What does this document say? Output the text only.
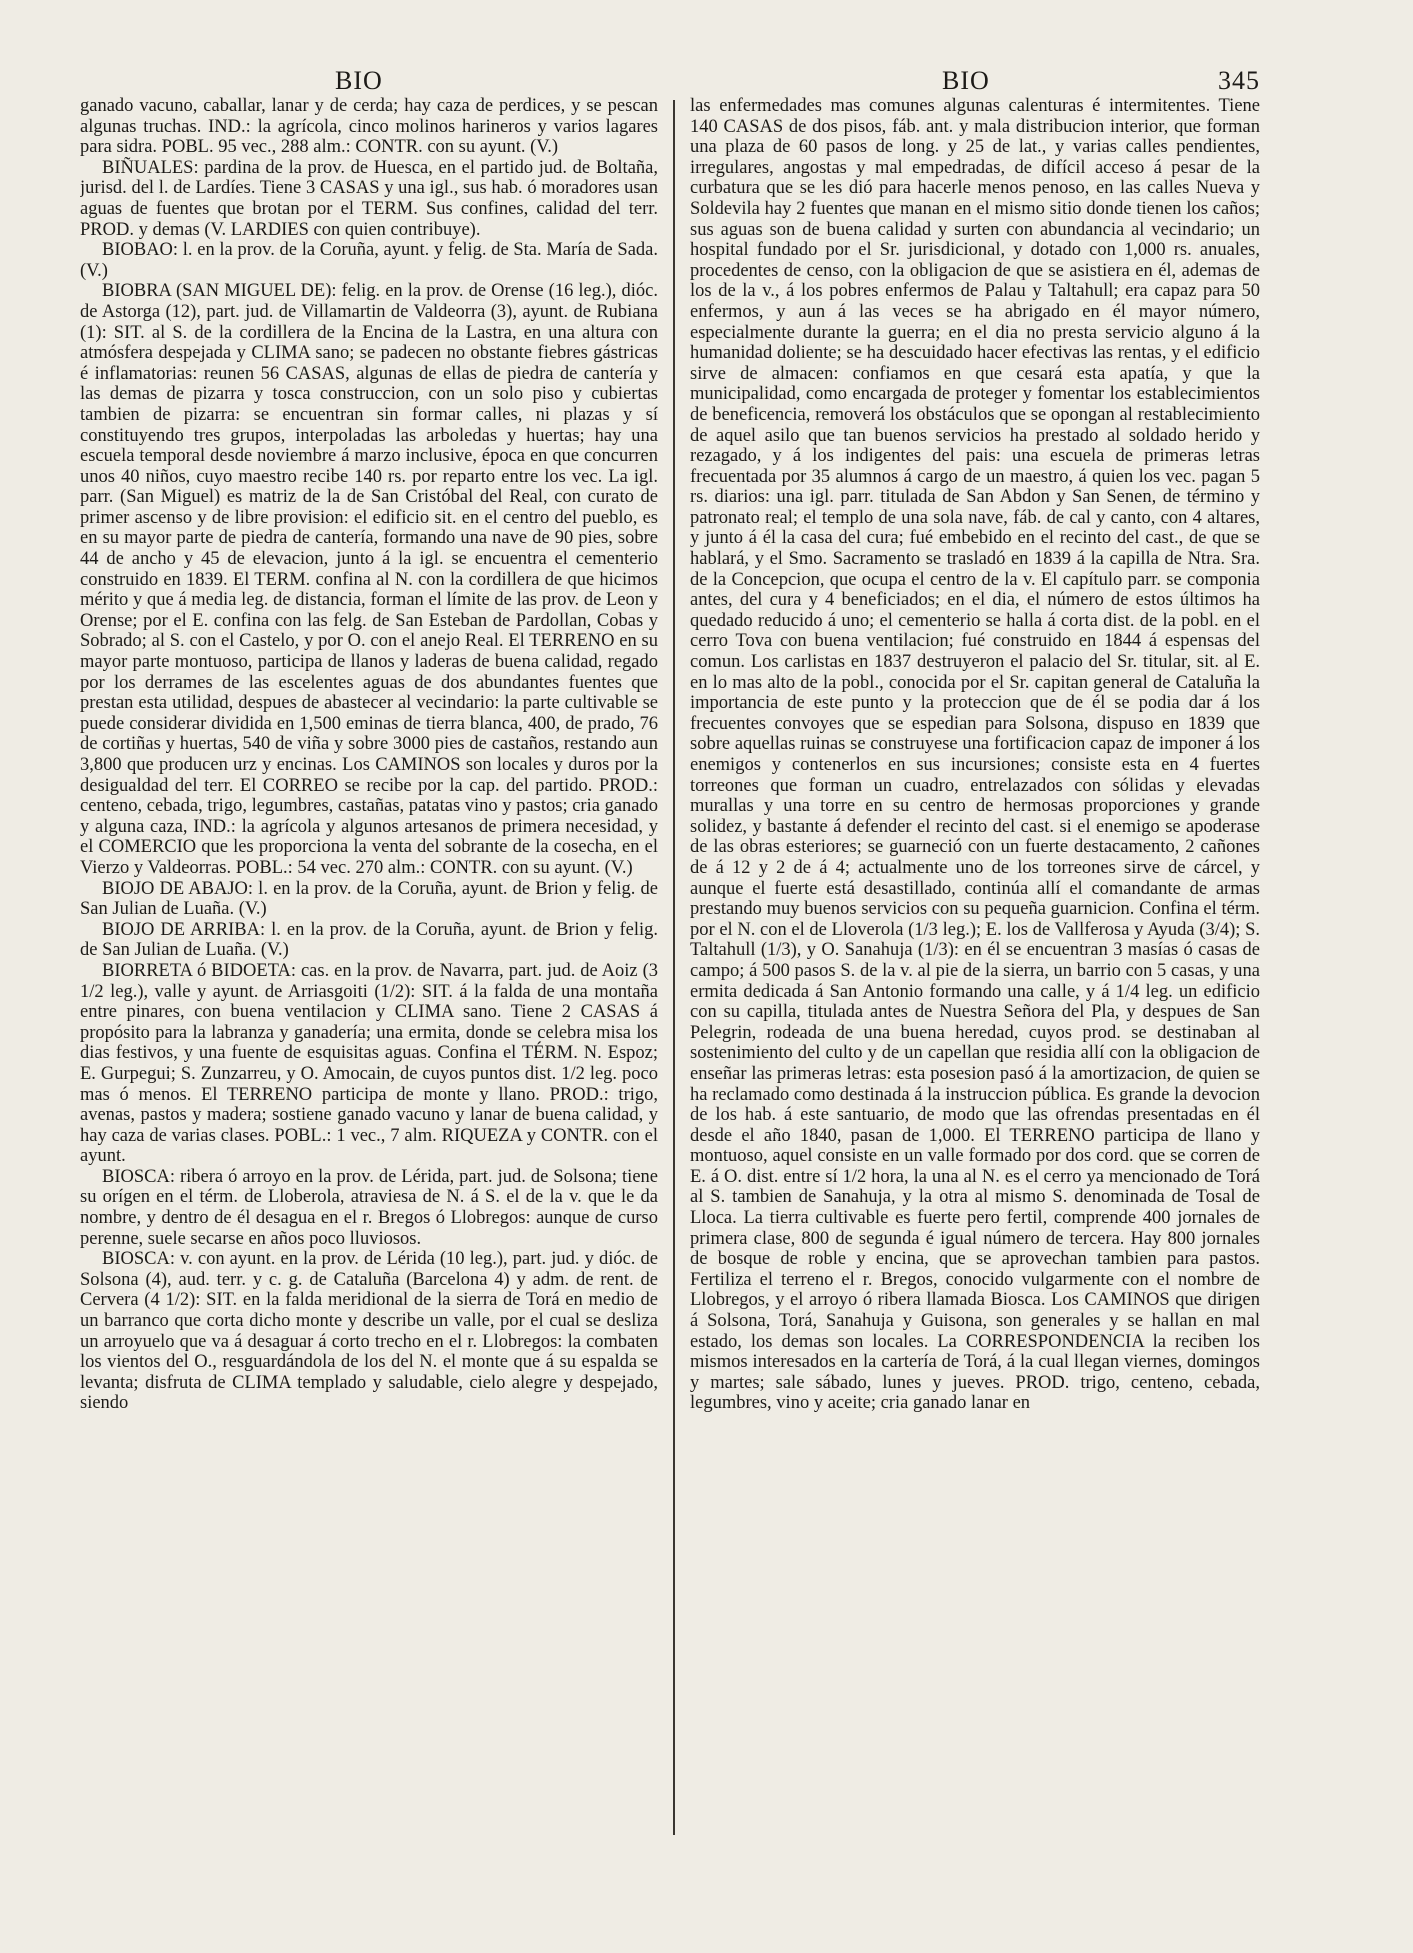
BIO	BIO	345

ganado vacuno, caballar, lanar y de cerda; hay caza de perdices, y se pescan algunas truchas. IND.: la agrícola, cinco molinos harineros y varios lagares para sidra. POBL. 95 vec., 288 alm.: CONTR. con su ayunt. (V.)

BIÑUALES: pardina de la prov. de Huesca, en el partido jud. de Boltaña, jurisd. del l. de Lardíes. Tiene 3 CASAS y una igl., sus hab. ó moradores usan aguas de fuentes que brotan por el TERM. Sus confines, calidad del terr. PROD. y demas (V. LARDIES con quien contribuye).

BIOBAO: l. en la prov. de la Coruña, ayunt. y felig. de Sta. María de Sada. (V.)

BIOBRA (SAN MIGUEL DE): felig. en la prov. de Orense (16 leg.), dióc. de Astorga (12), part. jud. de Villamartin de Valdeorra (3), ayunt. de Rubiana (1): SIT. al S. de la cordillera de la Encina de la Lastra, en una altura con atmósfera despejada y CLIMA sano; se padecen no obstante fiebres gástricas é inflamatorias: reunen 56 CASAS, algunas de ellas de piedra de cantería y las demas de pizarra y tosca construccion, con un solo piso y cubiertas tambien de pizarra: se encuentran sin formar calles, ni plazas y sí constituyendo tres grupos, interpoladas las arboledas y huertas; hay una escuela temporal desde noviembre á marzo inclusive, época en que concurren unos 40 niños, cuyo maestro recibe 140 rs. por reparto entre los vec. La igl. parr. (San Miguel) es matriz de la de San Cristóbal del Real, con curato de primer ascenso y de libre provision: el edificio sit. en el centro del pueblo, es en su mayor parte de piedra de cantería, formando una nave de 90 pies, sobre 44 de ancho y 45 de elevacion, junto á la igl. se encuentra el cementerio construido en 1839. El TERM. confina al N. con la cordillera de que hicimos mérito y que á media leg. de distancia, forman el límite de las prov. de Leon y Orense; por el E. confina con las felg. de San Esteban de Pardollan, Cobas y Sobrado; al S. con el Castelo, y por O. con el anejo Real. El TERRENO en su mayor parte montuoso, participa de llanos y laderas de buena calidad, regado por los derrames de las escelentes aguas de dos abundantes fuentes que prestan esta utilidad, despues de abastecer al vecindario: la parte cultivable se puede considerar dividida en 1,500 eminas de tierra blanca, 400, de prado, 76 de cortiñas y huertas, 540 de viña y sobre 3000 pies de castaños, restando aun 3,800 que producen urz y encinas. Los CAMINOS son locales y duros por la desigualdad del terr. El CORREO se recibe por la cap. del partido. PROD.: centeno, cebada, trigo, legumbres, castañas, patatas vino y pastos; cria ganado y alguna caza, IND.: la agrícola y algunos artesanos de primera necesidad, y el COMERCIO que les proporciona la venta del sobrante de la cosecha, en el Vierzo y Valdeorras. POBL.: 54 vec. 270 alm.: CONTR. con su ayunt. (V.)

BIOJO DE ABAJO: l. en la prov. de la Coruña, ayunt. de Brion y felig. de San Julian de Luaña. (V.)

BIOJO DE ARRIBA: l. en la prov. de la Coruña, ayunt. de Brion y felig. de San Julian de Luaña. (V.)

BIORRETA ó BIDOETA: cas. en la prov. de Navarra, part. jud. de Aoiz (3 1/2 leg.), valle y ayunt. de Arriasgoiti (1/2): SIT. á la falda de una montaña entre pinares, con buena ventilacion y CLIMA sano. Tiene 2 CASAS á propósito para la labranza y ganadería; una ermita, donde se celebra misa los dias festivos, y una fuente de esquisitas aguas. Confina el TÉRM. N. Espoz; E. Gurpegui; S. Zunzarreu, y O. Amocain, de cuyos puntos dist. 1/2 leg. poco mas ó menos. El TERRENO participa de monte y llano. PROD.: trigo, avenas, pastos y madera; sostiene ganado vacuno y lanar de buena calidad, y hay caza de varias clases. POBL.: 1 vec., 7 alm. RIQUEZA y CONTR. con el ayunt.

BIOSCA: ribera ó arroyo en la prov. de Lérida, part. jud. de Solsona; tiene su orígen en el térm. de Lloberola, atraviesa de N. á S. el de la v. que le da nombre, y dentro de él desagua en el r. Bregos ó Llobregos: aunque de curso perenne, suele secarse en años poco lluviosos.

BIOSCA: v. con ayunt. en la prov. de Lérida (10 leg.), part. jud. y dióc. de Solsona (4), aud. terr. y c. g. de Cataluña (Barcelona 4) y adm. de rent. de Cervera (4 1/2): SIT. en la falda meridional de la sierra de Torá en medio de un barranco que corta dicho monte y describe un valle, por el cual se desliza un arroyuelo que va á desaguar á corto trecho en el r. Llobregos: la combaten los vientos del O., resguardándola de los del N. el monte que á su espalda se levanta; disfruta de CLIMA templado y saludable, cielo alegre y despejado, siendo

las enfermedades mas comunes algunas calenturas é intermitentes. Tiene 140 CASAS de dos pisos, fáb. ant. y mala distribucion interior, que forman una plaza de 60 pasos de long. y 25 de lat., y varias calles pendientes, irregulares, angostas y mal empedradas, de difícil acceso á pesar de la curbatura que se les dió para hacerle menos penoso, en las calles Nueva y Soldevila hay 2 fuentes que manan en el mismo sitio donde tienen los caños; sus aguas son de buena calidad y surten con abundancia al vecindario; un hospital fundado por el Sr. jurisdicional, y dotado con 1,000 rs. anuales, procedentes de censo, con la obligacion de que se asistiera en él, ademas de los de la v., á los pobres enfermos de Palau y Taltahull; era capaz para 50 enfermos, y aun á las veces se ha abrigado en él mayor número, especialmente durante la guerra; en el dia no presta servicio alguno á la humanidad doliente; se ha descuidado hacer efectivas las rentas, y el edificio sirve de almacen: confiamos en que cesará esta apatía, y que la municipalidad, como encargada de proteger y fomentar los establecimientos de beneficencia, removerá los obstáculos que se opongan al restablecimiento de aquel asilo que tan buenos servicios ha prestado al soldado herido y rezagado, y á los indigentes del pais: una escuela de primeras letras frecuentada por 35 alumnos á cargo de un maestro, á quien los vec. pagan 5 rs. diarios: una igl. parr. titulada de San Abdon y San Senen, de término y patronato real; el templo de una sola nave, fáb. de cal y canto, con 4 altares, y junto á él la casa del cura; fué embebido en el recinto del cast., de que se hablará, y el Smo. Sacramento se trasladó en 1839 á la capilla de Ntra. Sra. de la Concepcion, que ocupa el centro de la v. El capítulo parr. se componia antes, del cura y 4 beneficiados; en el dia, el número de estos últimos ha quedado reducido á uno; el cementerio se halla á corta dist. de la pobl. en el cerro Tova con buena ventilacion; fué construido en 1844 á espensas del comun. Los carlistas en 1837 destruyeron el palacio del Sr. titular, sit. al E. en lo mas alto de la pobl., conocida por el Sr. capitan general de Cataluña la importancia de este punto y la proteccion que de él se podia dar á los frecuentes convoyes que se espedian para Solsona, dispuso en 1839 que sobre aquellas ruinas se construyese una fortificacion capaz de imponer á los enemigos y contenerlos en sus incursiones; consiste esta en 4 fuertes torreones que forman un cuadro, entrelazados con sólidas y elevadas murallas y una torre en su centro de hermosas proporciones y grande solidez, y bastante á defender el recinto del cast. si el enemigo se apoderase de las obras esteriores; se guarneció con un fuerte destacamento, 2 cañones de á 12 y 2 de á 4; actualmente uno de los torreones sirve de cárcel, y aunque el fuerte está desastillado, continúa allí el comandante de armas prestando muy buenos servicios con su pequeña guarnicion. Confina el térm. por el N. con el de Lloverola (1/3 leg.); E. los de Vallferosa y Ayuda (3/4); S. Taltahull (1/3), y O. Sanahuja (1/3): en él se encuentran 3 masías ó casas de campo; á 500 pasos S. de la v. al pie de la sierra, un barrio con 5 casas, y una ermita dedicada á San Antonio formando una calle, y á 1/4 leg. un edificio con su capilla, titulada antes de Nuestra Señora del Pla, y despues de San Pelegrin, rodeada de una buena heredad, cuyos prod. se destinaban al sostenimiento del culto y de un capellan que residia allí con la obligacion de enseñar las primeras letras: esta posesion pasó á la amortizacion, de quien se ha reclamado como destinada á la instruccion pública. Es grande la devocion de los hab. á este santuario, de modo que las ofrendas presentadas en él desde el año 1840, pasan de 1,000. El TERRENO participa de llano y montuoso, aquel consiste en un valle formado por dos cord. que se corren de E. á O. dist. entre sí 1/2 hora, la una al N. es el cerro ya mencionado de Torá al S. tambien de Sanahuja, y la otra al mismo S. denominada de Tosal de Lloca. La tierra cultivable es fuerte pero fertil, comprende 400 jornales de primera clase, 800 de segunda é igual número de tercera. Hay 800 jornales de bosque de roble y encina, que se aprovechan tambien para pastos. Fertiliza el terreno el r. Bregos, conocido vulgarmente con el nombre de Llobregos, y el arroyo ó ribera llamada Biosca. Los CAMINOS que dirigen á Solsona, Torá, Sanahuja y Guisona, son generales y se hallan en mal estado, los demas son locales. La CORRESPONDENCIA la reciben los mismos interesados en la cartería de Torá, á la cual llegan viernes, domingos y martes; sale sábado, lunes y jueves. PROD. trigo, centeno, cebada, legumbres, vino y aceite; cria ganado lanar en
